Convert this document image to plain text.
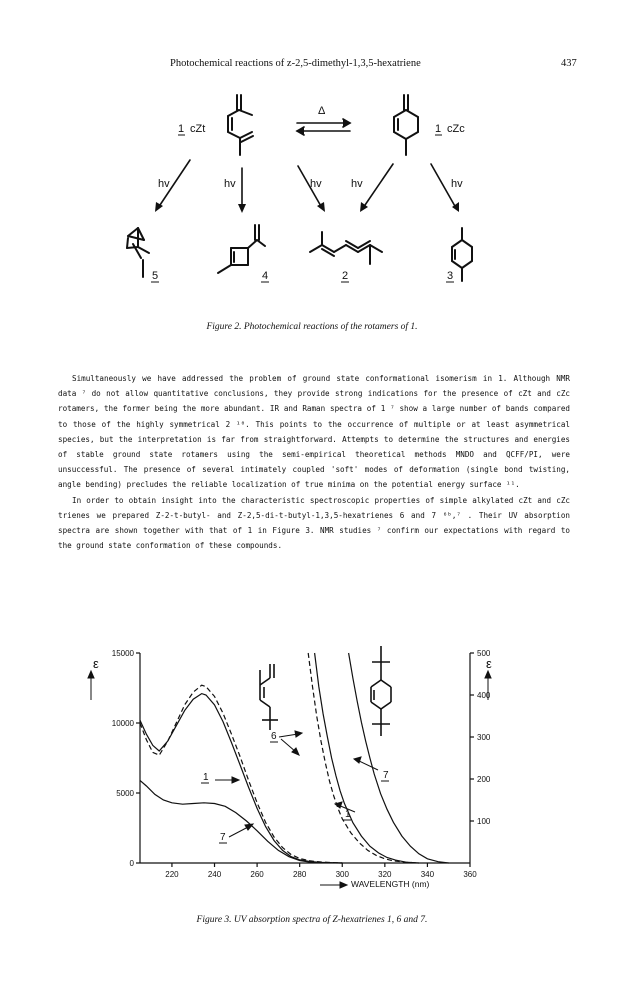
Photochemical reactions of z-2,5-dimethyl-1,3,5-hexatriene	437
1 cZt	1 cZc
Δ
hv	hv	hv	hv	hv
5	4	2	3
Figure 2. Photochemical reactions of the rotamers of 1.

Simultaneously we have addressed the problem of ground state conformational isomerism in 1. Although NMR data ⁷ do not allow quantitative conclusions, they provide strong indications for the presence of cZt and cZc rotamers, the former being the more abundant. IR and Raman spectra of 1 ⁷ show a large number of bands compared to those of the highly symmetrical 2 ¹⁰. This points to the occurrence of multiple or at least asymmetrical species, but the interpretation is far from straightforward. Attempts to determine the structures and energies of stable ground state rotamers using the semi-empirical theoretical methods MNDO and QCFF/PI, were unsuccessful. The presence of several intimately coupled 'soft' modes of deformation (single bond twisting, angle bending) precludes the reliable localization of true minima on the potential energy surface ¹¹.

In order to obtain insight into the characteristic spectroscopic properties of simple alkylated cZt and cZc trienes we prepared Z-2-t-butyl- and Z-2,5-di-t-butyl-1,3,5-hexatrienes 6 and 7 ⁶ᵇ,⁷ . Their UV absorption spectra are shown together with that of 1 in Figure 3. NMR studies ⁷ confirm our expectations with regard to the ground state conformation of these compounds.

220	240	260	280	300	320	340	360
0
5000
10000
15000
100
200
300
400
500
ε	ε
WAVELENGTH (nm)
1
6
7
1
7
Figure 3. UV absorption spectra of Z-hexatrienes 1, 6 and 7.
